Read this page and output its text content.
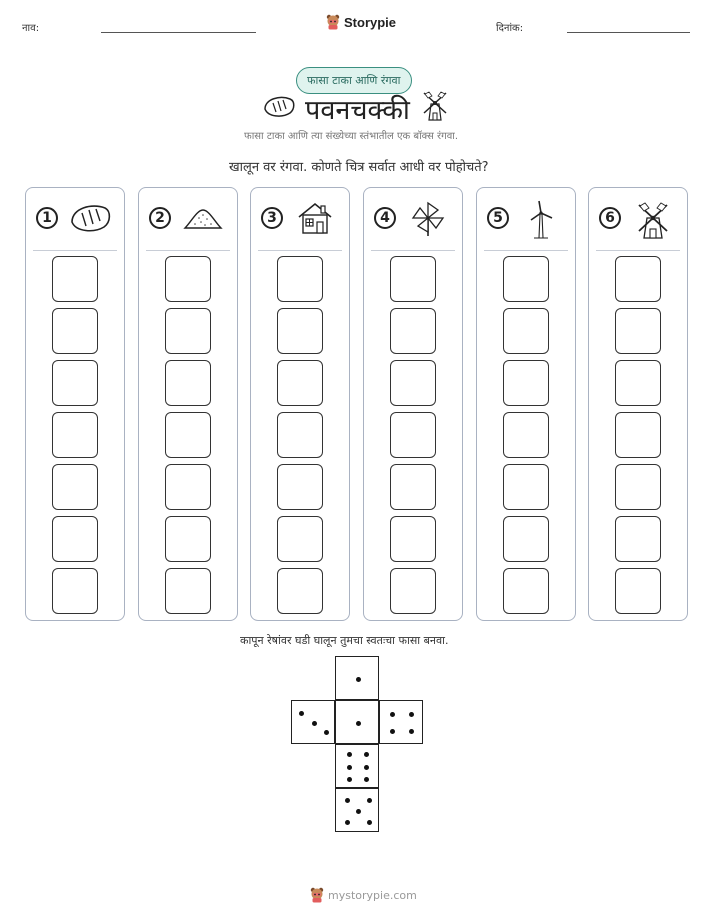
नाव:	Storypie	दिनांक:
फासा टाका आणि रंगवा
पवनचक्की
फासा टाका आणि त्या संख्येच्या स्तंभातील एक बॉक्स रंगवा.
खालून वर रंगवा. कोणते चित्र सर्वात आधी वर पोहोचते?
1	2	3	4	5	6
कापून रेषांवर घडी घालून तुमचा स्वतःचा फासा बनवा.
mystorypie.com
